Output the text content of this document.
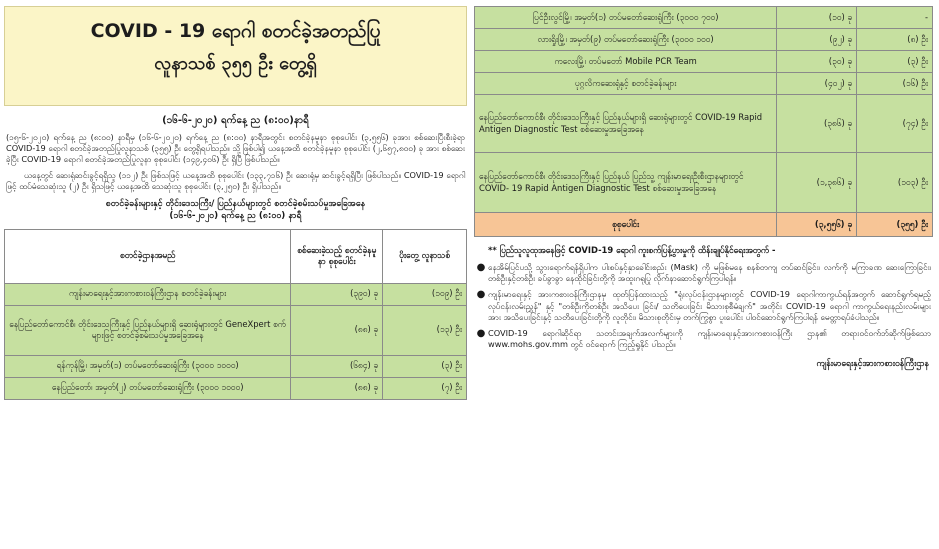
COVID - 19 ရောဂါ စတင်ခဲ့အတည်ပြု
လူနာသစ် ၃၅၅ ဦး တွေ့ရှိ
(၁၆-၆-၂၀၂၀) ရက်နေ့ ည (၈:၀၀)နာရီ
(၁၅-၆-၂၀၂၀) ရက်နေ့ ည (၈:၀၀) နာရီမှ (၁၆-၆-၂၀၂၀) ရက်နေ့ ည (၈:၀၀) နာရီအတွင်း စတင်ခဲ့နမူနာ စုစုပေါင်း (၃,၅၅၆) ခုအား စစ်ဆေးပြီးစီးခဲ့ရာ COVID-19 ရောဂါ စတင်ခဲ့အတည်ပြုလူနာသစ် (၃၅၅) ဦး တွေ့ရှိရပါသည်။ သို့ဖြစ်ပါ၍ ယနေ့အထိ စတင်ခဲ့နမူနာ စုစုပေါင်း (၂,၆၅၇,၈၀၀) ခု အား စစ်ဆေးခဲ့ပြီး COVID-19 ရောဂါ စတင်ခဲ့အတည်ပြုလူနာ စုစုပေါင်း (၁၄၉,၄၀၆) ဦး ရှိပြီ ဖြစ်ပါသည်။
ယနေ့တွင် ဆေးရုံဆင်းခွင့်ရရှိသူ (၁၁၂) ဦး ဖြစ်သဖြင့် ယနေ့အထိ စုစုပေါင်း (၁၃၃,၇၁၆) ဦး ဆေးရုံမှ ဆင်းခွင့်ရရှိပြီး ဖြစ်ပါသည်။ COVID-19 ရောဂါဖြင့် ထပ်မံသေဆုံးသူ (၂) ဦး ရှိသဖြင့် ယနေ့အထိ သေဆုံးသူ စုစုပေါင်း (၃,၂၅၀) ဦး ရှိပါသည်။
စတင်ခဲ့ခန်းများနှင့် တိုင်းဒေသကြီး/ ပြည်နယ်များတွင် စတင်ခဲ့စမ်းသပ်မှုအခြေအနေ
(၁၆-၆-၂၀၂၀) ရက်နေ့ ည (၈:၀၀) နာရီ
စတင်ခဲ့ဌာနအမည်	စစ်ဆေးခဲ့သည့် စတင်ခဲ့နမူနာ စုစုပေါင်း	ပိုးတွေ့ လူနာသစ်
ကျန်းမာရေးနှင့်အားကစားဝန်ကြီးဌာန စတင်ခဲ့ခန်းများ	(၃၉၀) ခု	(၁၀၉) ဦး
နေပြည်တော်ကောင်စီ၊ တိုင်းဒေသကြီးနှင့် ပြည်နယ်များရှိ ဆေးရုံများတွင် GeneXpert စက်များဖြင့် စတင်ခဲ့စမ်းသပ်မှုအခြေအနေ	(၈၈) ခု	(၁၃) ဦး
ရန်ကုန်မြို့၊ အမှတ်(၁) တပ်မတော်ဆေးရုံကြီး (၃၀၀၀ ၁၀၀၀)	(၆၈၄) ခု	(၃) ဦး
နေပြည်တော်၊ အမှတ်(၂) တပ်မတော်ဆေးရုံကြီး (၃၀၀၀ ၁၀၀၀)	(၈၈) ခု	(၇) ဦး
ပြင်ဦးလွင်မြို့၊ အမှတ်(၁) တပ်မတော်ဆေးရုံကြီး (၃၀၀၀ ၇၀၀)	(၁၀) ခု	-
လားရှိုးမြို့၊ အမှတ်(၉) တပ်မတော်ဆေးရုံကြီး (၃၀၀၀ ၁၀၀)	(၉၂) ခု	(၈) ဦး
ကလေးမြို့၊ တပ်မတော် Mobile PCR Team	(၃၀) ခု	(၃) ဦး
ပုဂ္ဂလိကဆေးရုံနှင့် စတင်ခဲ့ခန်းများ	(၄၀၂) ခု	(၁၆) ဦး
နေပြည်တော်ကောင်စီ၊ တိုင်းဒေသကြီးနှင့် ပြည်နယ်များရှိ ဆေးရုံများတွင် COVID-19 Rapid Antigen Diagnostic Test စစ်ဆေးမှုအခြေအနေ	(၃၈၆) ခု	(၇၄) ဦး
နေပြည်တော်ကောင်စီ၊ တိုင်းဒေသကြီးနှင့် ပြည်နယ် ပြည်သူ့ ကျန်းမာရေးဦးစီးဌာနများတွင် COVID- 19 Rapid Antigen Diagnostic Test စစ်ဆေးမှုအခြေအနေ	(၁,၃၈၆) ခု	(၁၀၃) ဦး
စုစုပေါင်း	(၃,၅၅၆) ခု	(၃၅၅) ဦး
** ပြည်သူလူထုအနေဖြင့် COVID-19 ရောဂါ ကူးစက်ပြန့်ပွားမှုကို ထိန်းချုပ်နိုင်ရေးအတွက် -
● နေအိမ်ပြင်ပသို့ သွားရောက်ရန်ရှိပါက ပါးစပ်နှင့်နှာခေါင်းစည်း (Mask) ကို မဖြစ်မနေ စနစ်တကျ တပ်ဆင်ခြင်း၊ လက်ကို မကြာခဏ ဆေးကြောခြင်း၊ တစ်ဦးနှင့်တစ်ဦး ခပ်ခွာခွာ နေထိုင်ခြင်းတို့ကို အထူးဂရုပြု လိုက်နာဆောင်ရွက်ကြပါရန်။
● ကျန်းမာရေးနှင့် အားကစားဝန်ကြီးဌာနမှ ထုတ်ပြန်ထားသည့် "ရုံးလုပ်ငန်းဌာနများတွင် COVID-19 ရောဂါကာကွယ်ရန်အတွက် ဆောင်ရွက်ရမည့်လုပ်ငန်းလမ်းညွှန်" နှင့် "တစ်ဦးကိုတစ်ဦး အသိပေး ခြင်း/ သတိပေးခြင်း မိသားစုစီမံချက်" အတိုင်း COVID-19 ရောဂါ ကာကွယ်ရေးနည်းလမ်းများ အား အသိပေးခြင်းနှင့် သတိပေးခြင်းတို့ကို လူတိုင်း၊ မိသားစုတိုင်းမှ တက်ကြွစွာ ပူးပေါင်း ပါဝင်ဆောင်ရွက်ကြပါရန် မေတ္တာရပ်ခံပါသည်။
● COVID-19 ရောဂါဆိုင်ရာ သတင်းအချက်အလက်များကို ကျန်းမာရေးနှင့်အားကစားဝန်ကြီး ဌာန၏ တရားဝင်ဝက်ဘ်ဆိုက်ဖြစ်သော www.mohs.gov.mm တွင် ဝင်ရောက် ကြည့်ရှုနိုင် ပါသည်။
ကျန်းမာရေးနှင့်အားကစားဝန်ကြီးဌာန
